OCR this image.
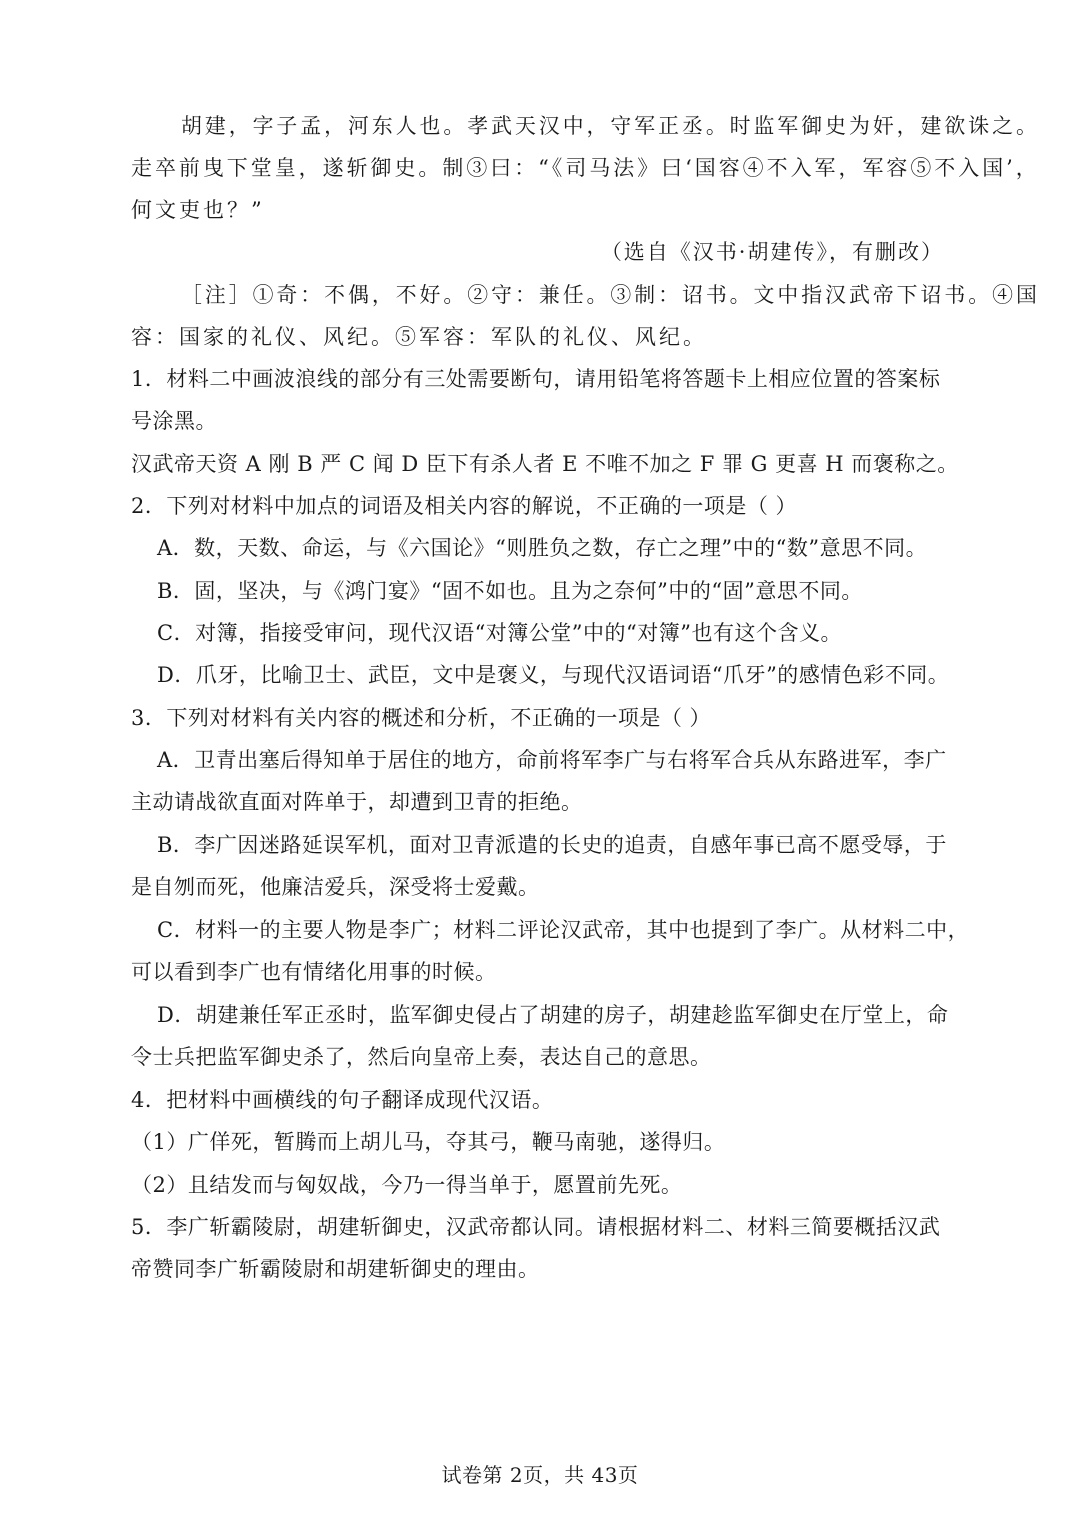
胡建，字子孟，河东人也。孝武天汉中，守军正丞。时监军御史为奸，建欲诛之。
走卒前曳下堂皇，遂斩御史。制③曰：“《司马法》曰‘国容④不入军，军容⑤不入国’，
何文吏也？”
（选自《汉书·胡建传》，有删改）
［注］①奇：不偶，不好。②守：兼任。③制：诏书。文中指汉武帝下诏书。④国
容：国家的礼仪、风纪。⑤军容：军队的礼仪、风纪。
1．材料二中画波浪线的部分有三处需要断句，请用铅笔将答题卡上相应位置的答案标
号涂黑。
汉武帝天资 A 刚 B 严 C 闻 D 臣下有杀人者 E 不唯不加之 F 罪 G 更喜 H 而褒称之。
2．下列对材料中加点的词语及相关内容的解说，不正确的一项是（ ）
A．数，天数、命运，与《六国论》“则胜负之数，存亡之理”中的“数”意思不同。
B．固，坚决，与《鸿门宴》“固不如也。且为之奈何”中的“固”意思不同。
C．对簿，指接受审问，现代汉语“对簿公堂”中的“对簿”也有这个含义。
D．爪牙，比喻卫士、武臣，文中是褒义，与现代汉语词语“爪牙”的感情色彩不同。
3．下列对材料有关内容的概述和分析，不正确的一项是（ ）
A．卫青出塞后得知单于居住的地方，命前将军李广与右将军合兵从东路进军，李广
主动请战欲直面对阵单于，却遭到卫青的拒绝。
B．李广因迷路延误军机，面对卫青派遣的长史的追责，自感年事已高不愿受辱，于
是自刎而死，他廉洁爱兵，深受将士爱戴。
C．材料一的主要人物是李广；材料二评论汉武帝，其中也提到了李广。从材料二中，
可以看到李广也有情绪化用事的时候。
D．胡建兼任军正丞时，监军御史侵占了胡建的房子，胡建趁监军御史在厅堂上，命
令士兵把监军御史杀了，然后向皇帝上奏，表达自己的意思。
4．把材料中画横线的句子翻译成现代汉语。
（1）广佯死，暂腾而上胡儿马，夺其弓，鞭马南驰，遂得归。
（2）且结发而与匈奴战，今乃一得当单于，愿置前先死。
5．李广斩霸陵尉，胡建斩御史，汉武帝都认同。请根据材料二、材料三简要概括汉武
帝赞同李广斩霸陵尉和胡建斩御史的理由。
试卷第 2页，共 43页
